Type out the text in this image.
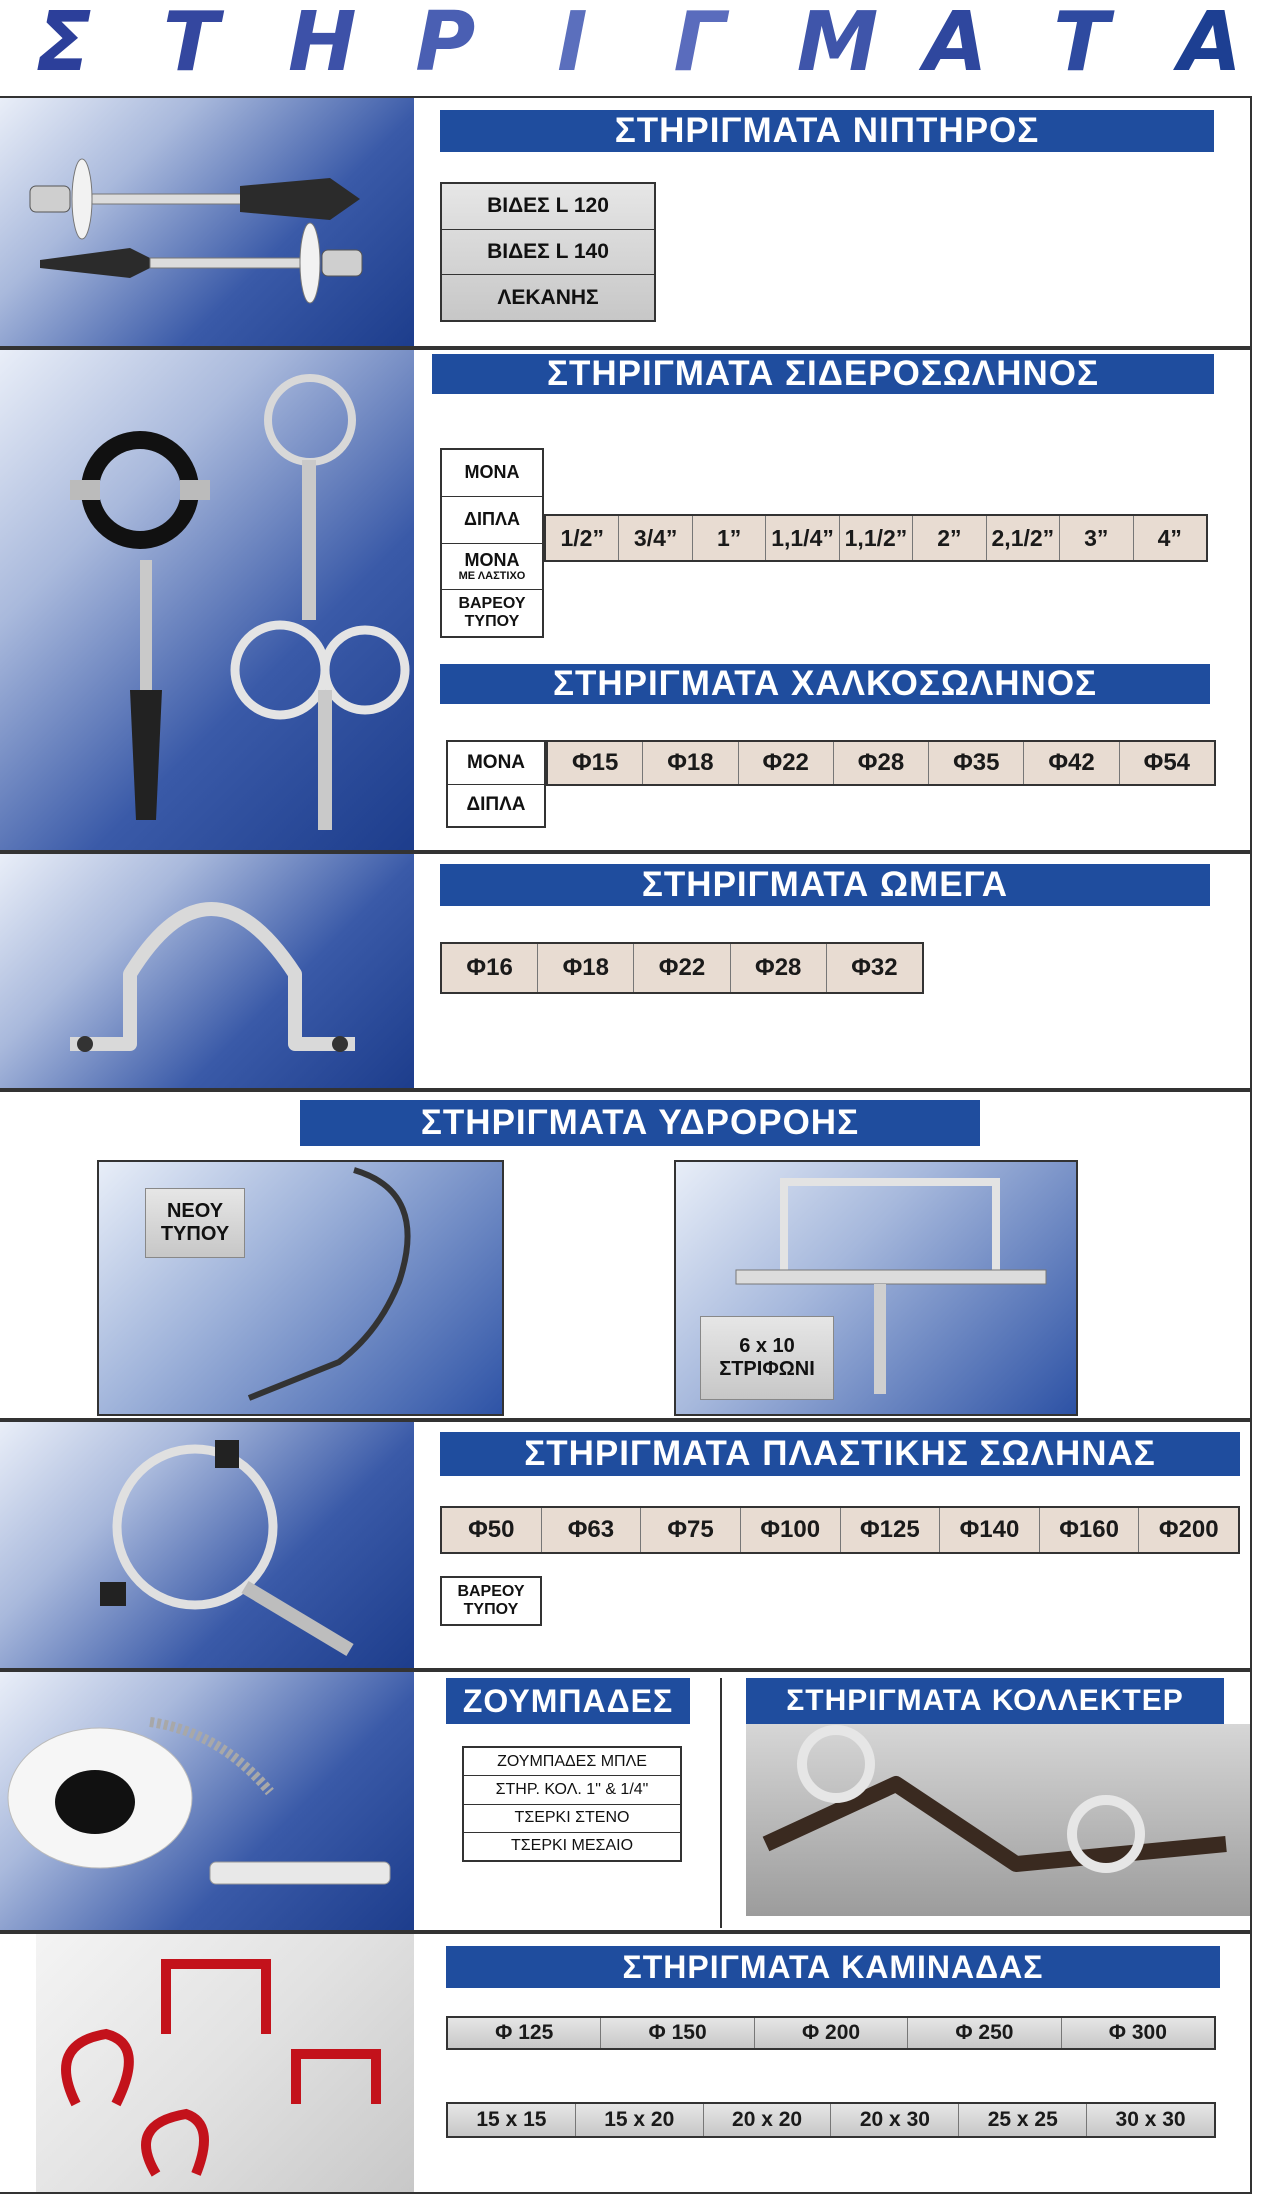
Σ Τ Η Ρ Ι Γ Μ Α Τ Α
ΣΤΗΡΙΓΜΑΤΑ ΝΙΠΤΗΡΟΣ
ΒΙΔΕΣ L 120
ΒΙΔΕΣ L 140
ΛΕΚΑΝΗΣ
ΣΤΗΡΙΓΜΑΤΑ ΣΙΔΕΡΟΣΩΛΗΝΟΣ
ΜΟΝΑ
ΔΙΠΛΑ
ΜΟΝΑ
ΜΕ ΛΑΣΤΙΧΟ
ΒΑΡΕΟΥ ΤΥΠΟΥ
1/2”	3/4”	1”	1,1/4” 1,1/2”	2”	2,1/2”	3”	4”
ΣΤΗΡΙΓΜΑΤΑ ΧΑΛΚΟΣΩΛΗΝΟΣ
ΜΟΝΑ
ΔΙΠΛΑ
Φ15	Φ18	Φ22	Φ28	Φ35	Φ42	Φ54
ΣΤΗΡΙΓΜΑΤΑ ΩΜΕΓΑ
Φ16	Φ18	Φ22	Φ28	Φ32
ΣΤΗΡΙΓΜΑΤΑ ΥΔΡΟΡΟΗΣ
ΝΕΟΥ ΤΥΠΟΥ
6 x 10
ΣΤΡΙΦΩΝΙ
ΣΤΗΡΙΓΜΑΤΑ ΠΛΑΣΤΙΚΗΣ ΣΩΛΗΝΑΣ
Φ50	Φ63	Φ75	Φ100	Φ125	Φ140	Φ160	Φ200
ΒΑΡΕΟΥ ΤΥΠΟΥ
ΖΟΥΜΠΑΔΕΣ
ΖΟΥΜΠΑΔΕΣ ΜΠΛΕ
ΣΤΗΡ. ΚΟΛ. 1" & 1/4"
ΤΣΕΡΚΙ ΣΤΕΝΟ
ΤΣΕΡΚΙ ΜΕΣΑΙΟ
ΣΤΗΡΙΓΜΑΤΑ ΚΟΛΛΕΚΤΕΡ
ΣΤΗΡΙΓΜΑΤΑ ΚΑΜΙΝΑΔΑΣ
Φ 125	Φ 150	Φ 200	Φ 250	Φ 300
15 x 15	15 x 20	20 x 20	20 x 30	25 x 25	30 x 30
